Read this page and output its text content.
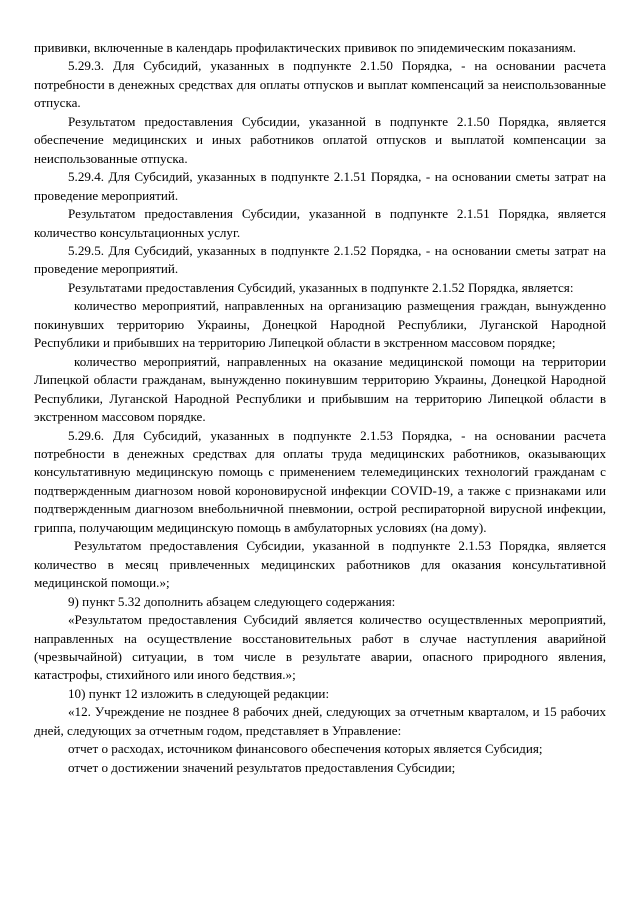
прививки, включенные в календарь профилактических прививок по эпидемическим показаниям.

5.29.3. Для Субсидий, указанных в подпункте 2.1.50 Порядка, - на основании расчета потребности в денежных средствах для оплаты отпусков и выплат компенсаций за неиспользованные отпуска.

Результатом предоставления Субсидии, указанной в подпункте 2.1.50 Порядка, является обеспечение медицинских и иных работников оплатой отпусков и выплатой компенсации за неиспользованные отпуска.

5.29.4. Для Субсидий, указанных в подпункте 2.1.51 Порядка, - на основании сметы затрат на проведение мероприятий.

Результатом предоставления Субсидии, указанной в подпункте 2.1.51 Порядка, является количество консультационных услуг.

5.29.5. Для Субсидий, указанных в подпункте 2.1.52 Порядка, - на основании сметы затрат на проведение мероприятий.

Результатами предоставления Субсидий, указанных в подпункте 2.1.52 Порядка, является:

количество мероприятий, направленных на организацию размещения граждан, вынужденно покинувших территорию Украины, Донецкой Народной Республики, Луганской Народной Республики и прибывших на территорию Липецкой области в экстренном массовом порядке;

количество мероприятий, направленных на оказание медицинской помощи на территории Липецкой области гражданам, вынужденно покинувшим территорию Украины, Донецкой Народной Республики, Луганской Народной Республики и прибывшим на территорию Липецкой области в экстренном массовом порядке.

5.29.6. Для Субсидий, указанных в подпункте 2.1.53 Порядка, - на основании расчета потребности в денежных средствах для оплаты труда медицинских работников, оказывающих консультативную медицинскую помощь с применением телемедицинских технологий гражданам с подтвержденным диагнозом новой короновирусной инфекции COVID-19, а также с признаками или подтвержденным диагнозом внебольничной пневмонии, острой респираторной вирусной инфекции, гриппа, получающим медицинскую помощь в амбулаторных условиях (на дому).

Результатом предоставления Субсидии, указанной в подпункте 2.1.53 Порядка, является количество в месяц привлеченных медицинских работников для оказания консультативной медицинской помощи.»;

9) пункт 5.32 дополнить абзацем следующего содержания:

«Результатом предоставления Субсидий является количество осуществленных мероприятий, направленных на осуществление восстановительных работ в случае наступления аварийной (чрезвычайной) ситуации, в том числе в результате аварии, опасного природного явления, катастрофы, стихийного или иного бедствия.»;

10) пункт 12 изложить в следующей редакции:

«12. Учреждение не позднее 8 рабочих дней, следующих за отчетным кварталом, и 15 рабочих дней, следующих за отчетным годом, представляет в Управление:

отчет о расходах, источником финансового обеспечения которых является Субсидия;

отчет о достижении значений результатов предоставления Субсидии;
